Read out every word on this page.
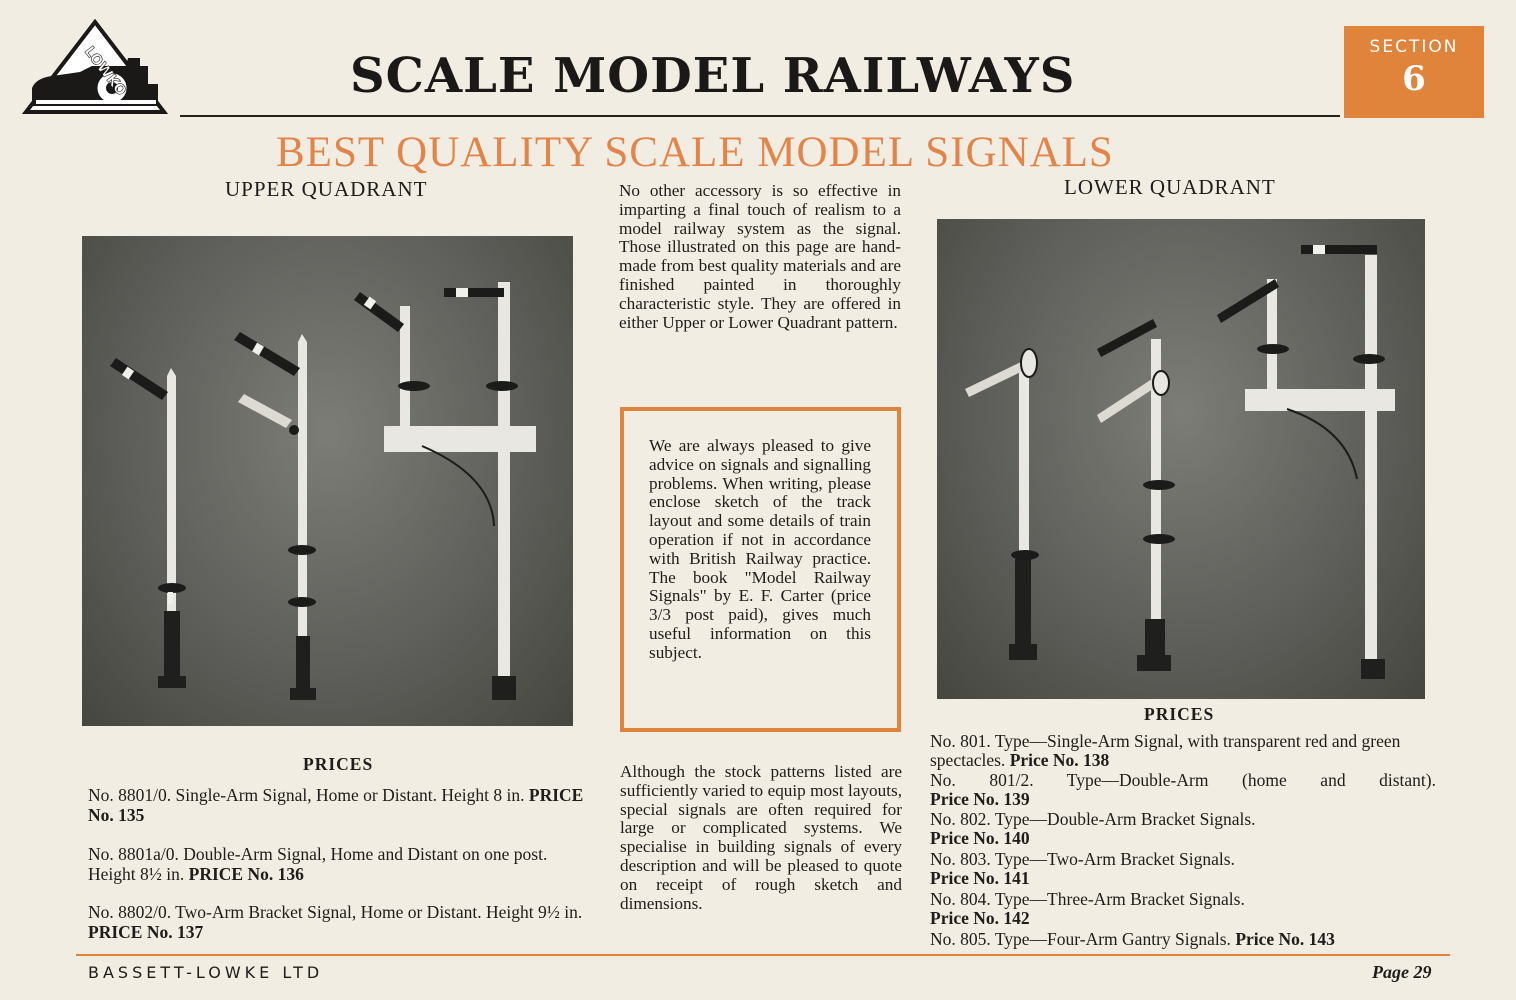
LOWKO	SCALE MODEL RAILWAYS
SECTION
6
BEST QUALITY SCALE MODEL SIGNALS
UPPER QUADRANT
PRICES
No. 8801/0. Single-Arm Signal, Home or Distant. Height 8 in. PRICE No. 135
No. 8801a/0. Double-Arm Signal, Home and Distant on one post. Height 8½ in. PRICE No. 136
No. 8802/0. Two-Arm Bracket Signal, Home or Distant. Height 9½ in. PRICE No. 137
No other accessory is so effective in imparting a final touch of realism to a model railway system as the signal. Those illustrated on this page are hand-made from best quality materials and are finished painted in thoroughly characteristic style. They are offered in either Upper or Lower Quadrant pattern.
We are always pleased to give advice on signals and signalling problems. When writing, please enclose sketch of the track layout and some details of train operation if not in accordance with British Railway practice. The book "Model Railway Signals" by E. F. Carter (price 3/3 post paid), gives much useful information on this subject.
Although the stock patterns listed are sufficiently varied to equip most layouts, special signals are often required for large or complicated systems. We specialise in building signals of every description and will be pleased to quote on receipt of rough sketch and dimensions.
LOWER QUADRANT
PRICES
No. 801. Type—Single-Arm Signal, with transparent red and green spectacles. Price No. 138
No. 801/2. Type—Double-Arm (home and distant).
Price No. 139
No. 802. Type—Double-Arm Bracket Signals.
Price No. 140
No. 803. Type—Two-Arm Bracket Signals.
Price No. 141
No. 804. Type—Three-Arm Bracket Signals.
Price No. 142
No. 805. Type—Four-Arm Gantry Signals. Price No. 143
BASSETT-LOWKE LTD	Page 29
